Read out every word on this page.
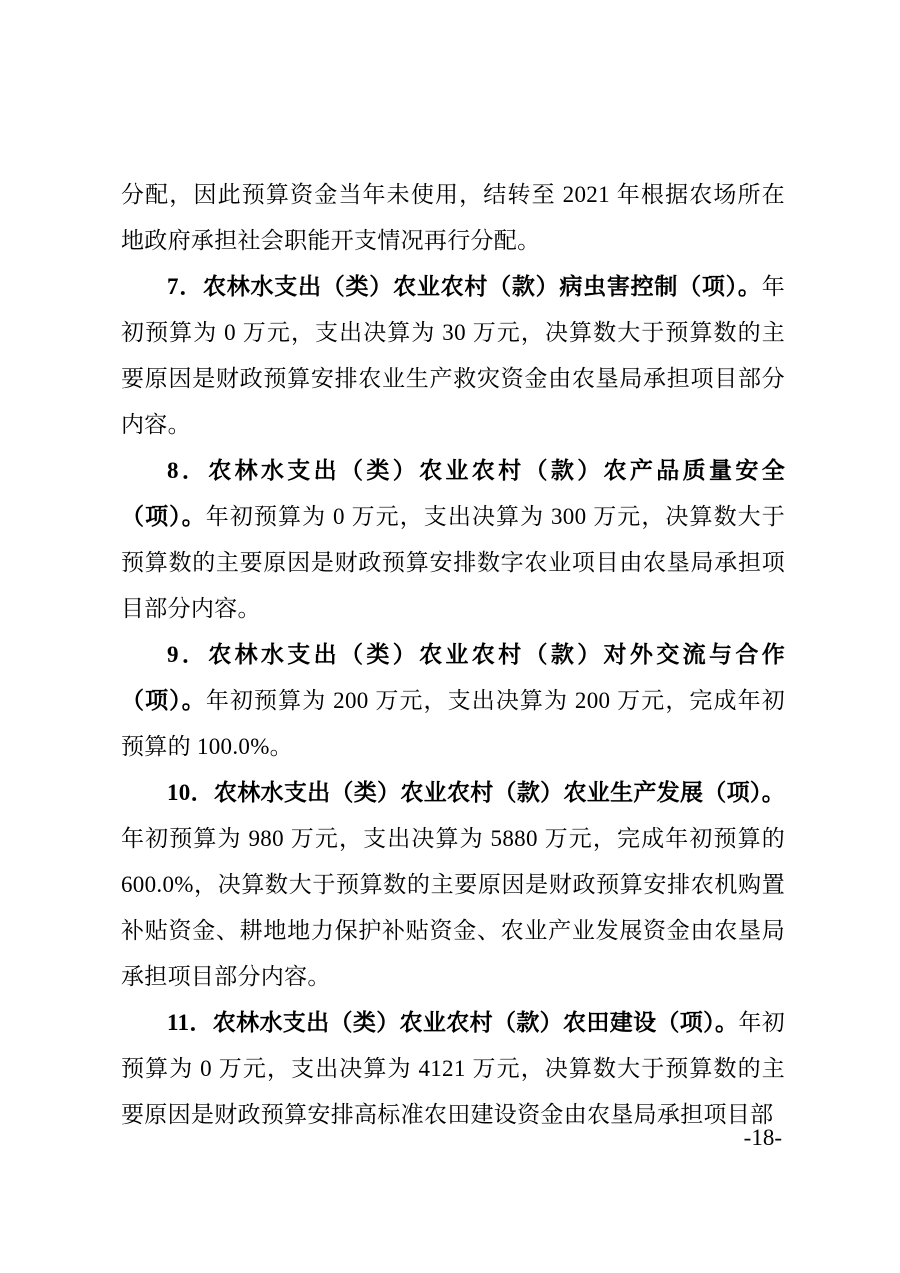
分配，因此预算资金当年未使用，结转至 2021 年根据农场所在地政府承担社会职能开支情况再行分配。

7．农林水支出（类）农业农村（款）病虫害控制（项）。年初预算为 0 万元，支出决算为 30 万元，决算数大于预算数的主要原因是财政预算安排农业生产救灾资金由农垦局承担项目部分内容。

8．农林水支出（类）农业农村（款）农产品质量安全（项）。年初预算为 0 万元，支出决算为 300 万元，决算数大于预算数的主要原因是财政预算安排数字农业项目由农垦局承担项目部分内容。

9．农林水支出（类）农业农村（款）对外交流与合作（项）。年初预算为 200 万元，支出决算为 200 万元，完成年初预算的 100.0%。

10．农林水支出（类）农业农村（款）农业生产发展（项）。年初预算为 980 万元，支出决算为 5880 万元，完成年初预算的 600.0%，决算数大于预算数的主要原因是财政预算安排农机购置补贴资金、耕地地力保护补贴资金、农业产业发展资金由农垦局承担项目部分内容。

11．农林水支出（类）农业农村（款）农田建设（项）。年初预算为 0 万元，支出决算为 4121 万元，决算数大于预算数的主要原因是财政预算安排高标准农田建设资金由农垦局承担项目部

-18-
